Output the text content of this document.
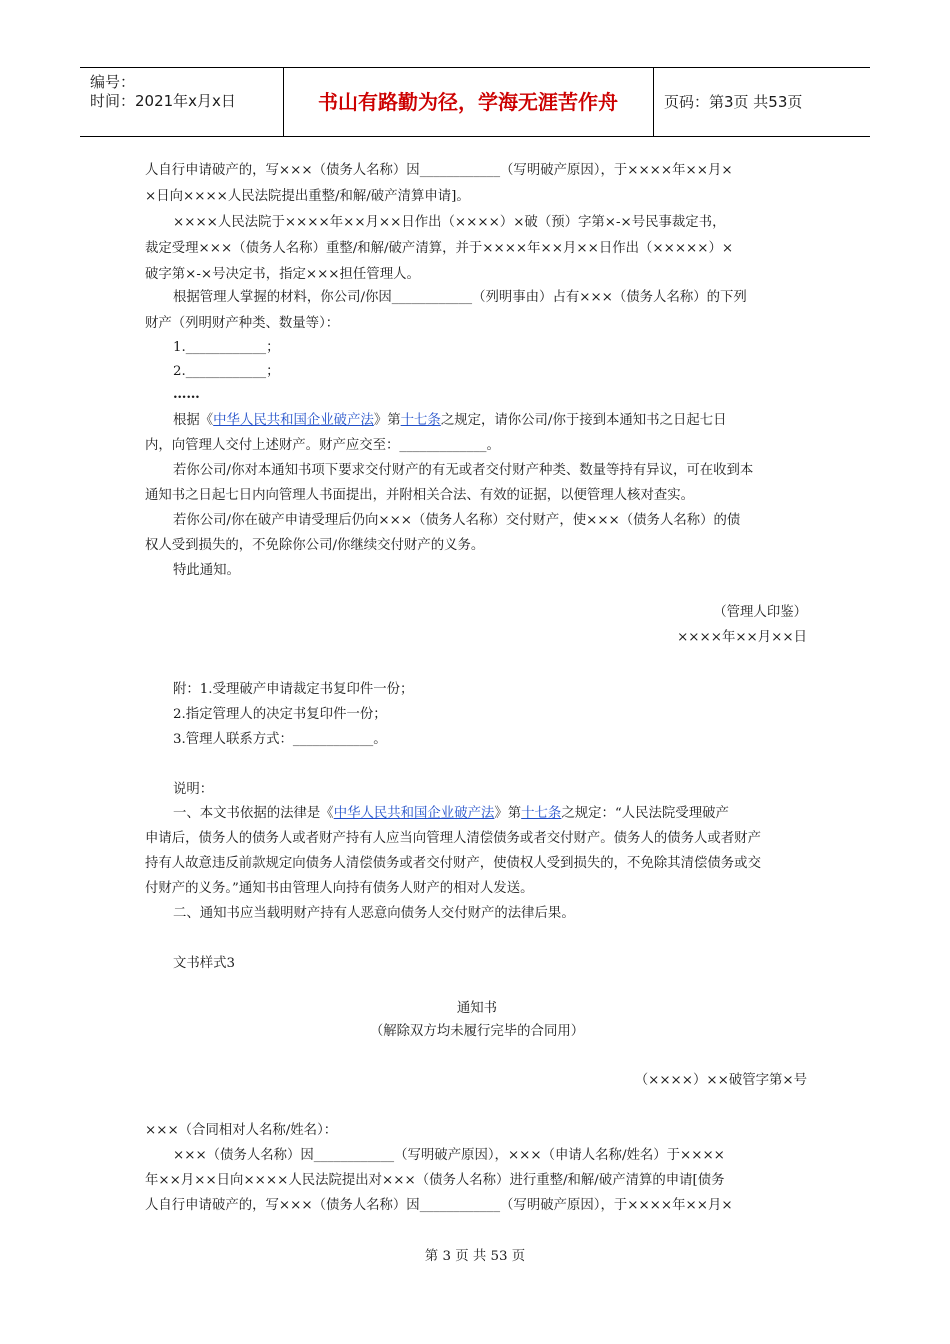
编号：
时间：2021年x月x日	书山有路勤为径，学海无涯苦作舟	页码：第3页 共53页
人自行申请破产的，写×××（债务人名称）因____________（写明破产原因），于××××年××月×
×日向××××人民法院提出重整/和解/破产清算申请]。
××××人民法院于××××年××月××日作出（××××）×破（预）字第×-×号民事裁定书，
裁定受理×××（债务人名称）重整/和解/破产清算，并于××××年××月××日作出（×××××）×
破字第×-×号决定书，指定×××担任管理人。
根据管理人掌握的材料，你公司/你因____________（列明事由）占有×××（债务人名称）的下列
财产（列明财产种类、数量等）：
1.____________；
2.____________；
……
根据《中华人民共和国企业破产法》第十七条之规定，请你公司/你于接到本通知书之日起七日
内，向管理人交付上述财产。财产应交至：_____________。
若你公司/你对本通知书项下要求交付财产的有无或者交付财产种类、数量等持有异议，可在收到本
通知书之日起七日内向管理人书面提出，并附相关合法、有效的证据，以便管理人核对查实。
若你公司/你在破产申请受理后仍向×××（债务人名称）交付财产，使×××（债务人名称）的债
权人受到损失的，不免除你公司/你继续交付财产的义务。
特此通知。
（管理人印鉴）
××××年××月××日
附：1.受理破产申请裁定书复印件一份；
2.指定管理人的决定书复印件一份；
3.管理人联系方式：____________。
说明：
一、本文书依据的法律是《中华人民共和国企业破产法》第十七条之规定：“人民法院受理破产
申请后，债务人的债务人或者财产持有人应当向管理人清偿债务或者交付财产。债务人的债务人或者财产
持有人故意违反前款规定向债务人清偿债务或者交付财产，使债权人受到损失的，不免除其清偿债务或交
付财产的义务。”通知书由管理人向持有债务人财产的相对人发送。
二、通知书应当载明财产持有人恶意向债务人交付财产的法律后果。
文书样式3
通知书
（解除双方均未履行完毕的合同用）
（××××）××破管字第×号
×××（合同相对人名称/姓名）：
×××（债务人名称）因____________（写明破产原因），×××（申请人名称/姓名）于××××
年××月××日向××××人民法院提出对×××（债务人名称）进行重整/和解/破产清算的申请[债务
人自行申请破产的，写×××（债务人名称）因____________（写明破产原因），于××××年××月×
第 3 页 共 53 页
